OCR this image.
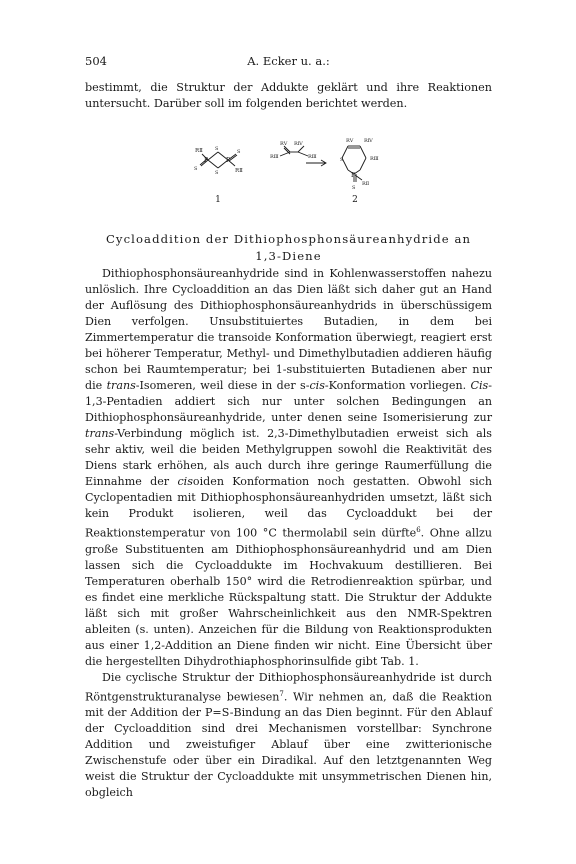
504	A. Ecker u. a.:
bestimmt, die Struktur der Addukte geklärt und ihre Reaktionen untersucht. Darüber soll im folgenden berichtet werden.
P	P
S
S
S
S
RⅡ
RⅡ
1
RⅤ RⅣ
RⅢ	RⅢ	S
P
S
RⅤ RⅣ
RⅢ
RⅡ
2
Cycloaddition der Dithiophosphonsäureanhydride an
1,3-Diene

Dithiophosphonsäureanhydride sind in Kohlenwasserstoffen nahezu unlöslich. Ihre Cycloaddition an das Dien läßt sich daher gut an Hand der Auflösung des Dithiophosphonsäureanhydrids in überschüssigem Dien verfolgen. Unsubstituiertes Butadien, in dem bei Zimmertemperatur die transoide Konformation überwiegt, reagiert erst bei höherer Temperatur, Methyl- und Dimethylbutadien addieren häufig schon bei Raumtemperatur; bei 1-substituierten Butadienen aber nur die trans-Isomeren, weil diese in der s-cis-Konformation vorliegen. Cis-1,3-Pentadien addiert sich nur unter solchen Bedingungen an Dithiophosphonsäureanhydride, unter denen seine Isomerisierung zur trans-Verbindung möglich ist. 2,3-Dimethylbutadien erweist sich als sehr aktiv, weil die beiden Methylgruppen sowohl die Reaktivität des Diens stark erhöhen, als auch durch ihre geringe Raumerfüllung die Einnahme der cisoiden Konformation noch gestatten. Obwohl sich Cyclopentadien mit Dithiophosphonsäureanhydriden umsetzt, läßt sich kein Produkt isolieren, weil das Cycloaddukt bei der Reaktionstemperatur von 100 °C thermolabil sein dürfte$^6$. Ohne allzu große Substituenten am Dithiophosphonsäureanhydrid und am Dien lassen sich die Cycloaddukte im Hochvakuum destillieren. Bei Temperaturen oberhalb 150° wird die Retrodienreaktion spürbar, und es findet eine merkliche Rückspaltung statt. Die Struktur der Addukte läßt sich mit großer Wahrscheinlichkeit aus den NMR-Spektren ableiten (s. unten). Anzeichen für die Bildung von Reaktionsprodukten aus einer 1,2-Addition an Diene finden wir nicht. Eine Übersicht über die hergestellten Dihydrothiaphosphorinsulfide gibt Tab. 1.

Die cyclische Struktur der Dithiophosphonsäureanhydride ist durch Röntgenstrukturanalyse bewiesen$^7$. Wir nehmen an, daß die Reaktion mit der Addition der P=S-Bindung an das Dien beginnt. Für den Ablauf der Cycloaddition sind drei Mechanismen vorstellbar: Synchrone Addition und zweistufiger Ablauf über eine zwitterionische Zwischenstufe oder über ein Diradikal. Auf den letztgenannten Weg weist die Struktur der Cycloaddukte mit unsymmetrischen Dienen hin, obgleich
